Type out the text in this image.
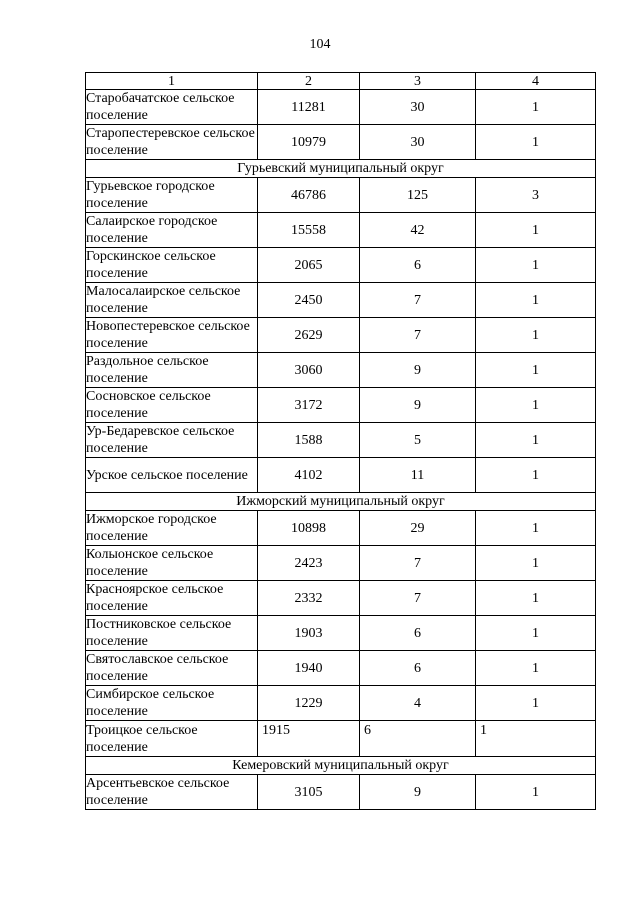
104
1	2	3	4
Старобачатское сельское поселение	11281	30	1
Старопестеревское сельское поселение	10979	30	1
Гурьевский муниципальный округ			
Гурьевское городское поселение	46786	125	3
Салаирское городское поселение	15558	42	1
Горскинское сельское поселение	2065	6	1
Малосалаирское сельское поселение	2450	7	1
Новопестеревское сельское поселение	2629	7	1
Раздольное сельское поселение	3060	9	1
Сосновское сельское поселение	3172	9	1
Ур-Бедаревское сельское поселение	1588	5	1
Урское сельское поселение	4102	11	1
Ижморский муниципальный округ			
Ижморское городское поселение	10898	29	1
Колыонское сельское поселение	2423	7	1
Красноярское сельское поселение	2332	7	1
Постниковское сельское поселение	1903	6	1
Святославское сельское поселение	1940	6	1
Симбирское сельское поселение	1229	4	1
Троицкое сельское поселение	1915	6	1
Кемеровский муниципальный округ			
Арсентьевское сельское поселение	3105	9	1
